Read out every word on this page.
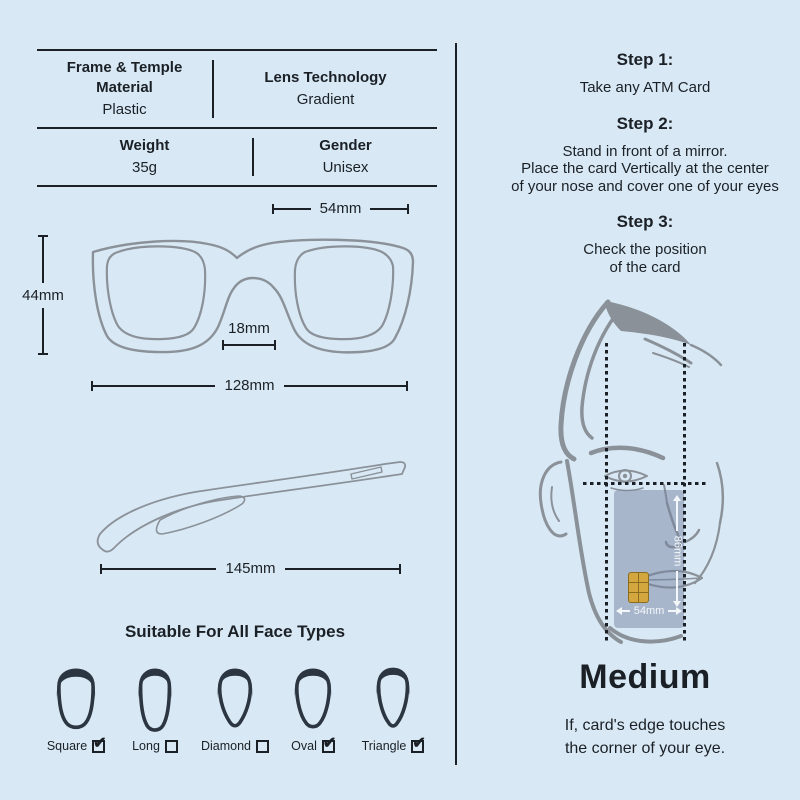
Frame & Temple Material
Plastic
Lens Technology
Gradient
Weight
35g
Gender
Unisex
54mm
44mm
18mm
128mm
145mm
Suitable For All Face Types
Square ✔ Long	Diamond	Oval ✔ Triangle ✔
Step 1:
Take any ATM Card
Step 2:
Stand in front of a mirror.
Place the card Vertically at the center
of your nose and cover one of your eyes
Step 3:
Check the position
of the card
86mm
54mm
Medium
If, card's edge touches
the corner of your eye.
